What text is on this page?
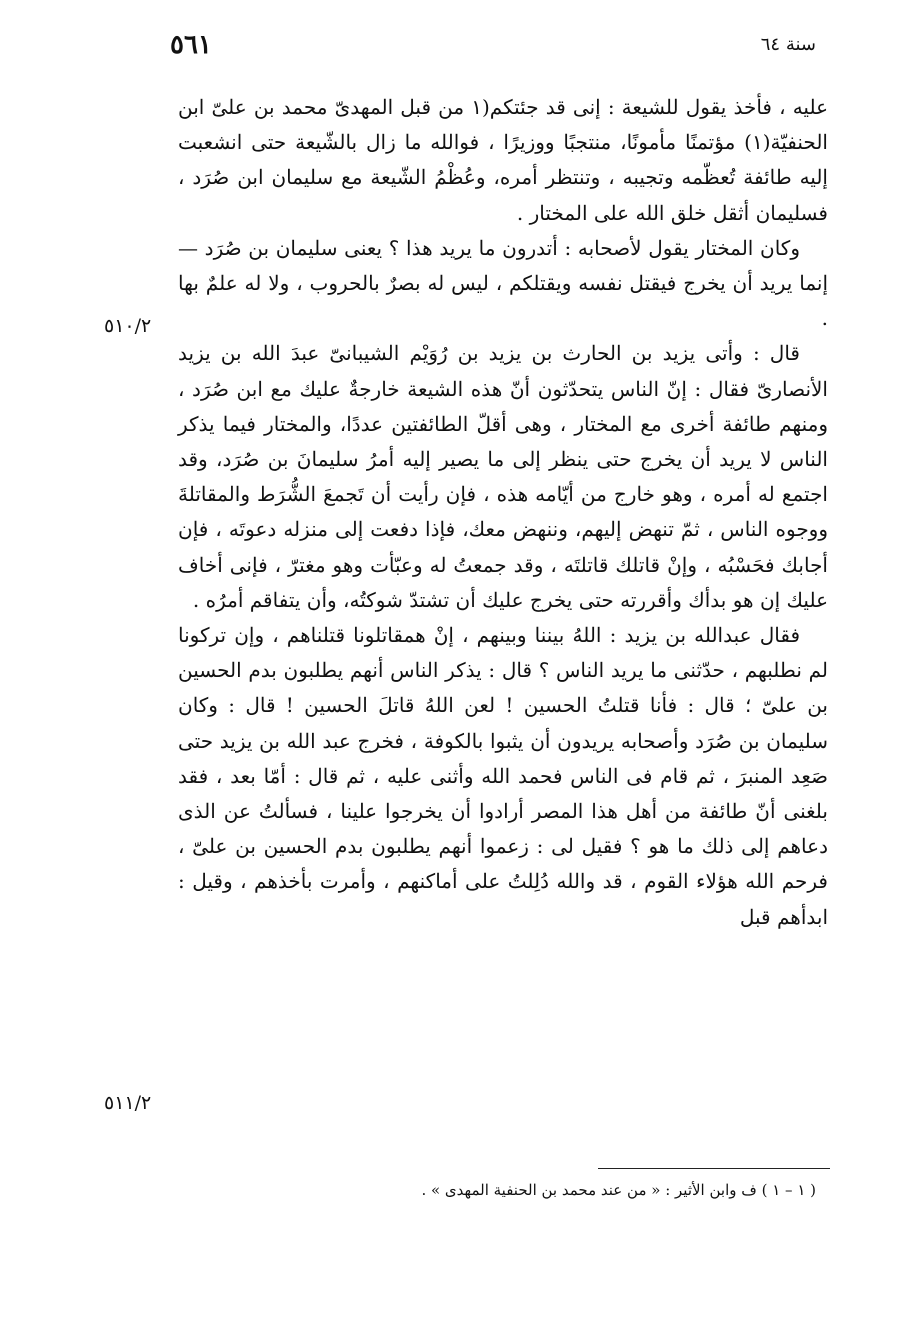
٥٦١	سنة ٦٤

عليه ، فأخذ يقول للشيعة : إنى قد جئتكم(١ من قبل المهدىّ محمد بن علىّ ابن الحنفيّة(١) مؤتمنًا مأمونًا، منتجبًا ووزيرًا ، فوالله ما زال بالشّيعة حتى انشعبت إليه طائفة تُعظّمه وتجيبه ، وتنتظر أمره، وعُظْمُ الشّيعة مع سليمان ابن صُرَد ، فسليمان أثقل خلق الله على المختار .

وكان المختار يقول لأصحابه : أتدرون ما يريد هذا ؟ يعنى سليمان بن صُرَد — إنما يريد أن يخرج فيقتل نفسه ويقتلكم ، ليس له بصرٌ بالحروب ، ولا له علمٌ بها .

قال : وأتى يزيد بن الحارث بن يزيد بن رُوَيْم الشيبانىّ عبدَ الله بن يزيد الأنصارىّ فقال : إنّ الناس يتحدّثون أنّ هذه الشيعة خارجةٌ عليك مع ابن صُرَد ، ومنهم طائفة أخرى مع المختار ، وهى أقلّ الطائفتين عددًا، والمختار فيما يذكر الناس لا يريد أن يخرج حتى ينظر إلى ما يصير إليه أمرُ سليمانَ بن صُرَد، وقد اجتمع له أمره ، وهو خارج من أيّامه هذه ، فإن رأيت أن تَجمعَ الشُّرَط والمقاتلةَ ووجوه الناس ، ثمّ تنهض إليهم، وننهض معك، فإذا دفعت إلى منزله دعوتَه ، فإن أجابك فحَسْبُه ، وإنْ قاتلك قاتلتَه ، وقد جمعتُ له وعبّأت وهو مغترّ ، فإنى أخاف عليك إن هو بدأك وأقررته حتى يخرج عليك أن تشتدّ شوكتُه، وأن يتفاقم أمرُه .

فقال عبدالله بن يزيد : اللهُ بيننا وبينهم ، إنْ همقاتلونا قتلناهم ، وإن تركونا لم نطلبهم ، حدّثنى ما يريد الناس ؟ قال : يذكر الناس أنهم يطلبون بدم الحسين بن علىّ ؛ قال : فأنا قتلتُ الحسين ! لعن اللهُ قاتلَ الحسين ! قال : وكان سليمان بن صُرَد وأصحابه يريدون أن يثبوا بالكوفة ، فخرج عبد الله بن يزيد حتى صَعِد المنبرَ ، ثم قام فى الناس فحمد الله وأثنى عليه ، ثم قال : أمّا بعد ، فقد بلغنى أنّ طائفة من أهل هذا المصر أرادوا أن يخرجوا علينا ، فسألتُ عن الذى دعاهم إلى ذلك ما هو ؟ فقيل لى : زعموا أنهم يطلبون بدم الحسين بن علىّ ، فرحم الله هؤلاء القوم ، قد والله دُلِلتُ على أماكنهم ، وأمرت بأخذهم ، وقيل : ابدأهم قبل

٥١٠/٢
٥١١/٢
( ١ – ١ ) ف وابن الأثير : « من عند محمد بن الحنفية المهدى » .
